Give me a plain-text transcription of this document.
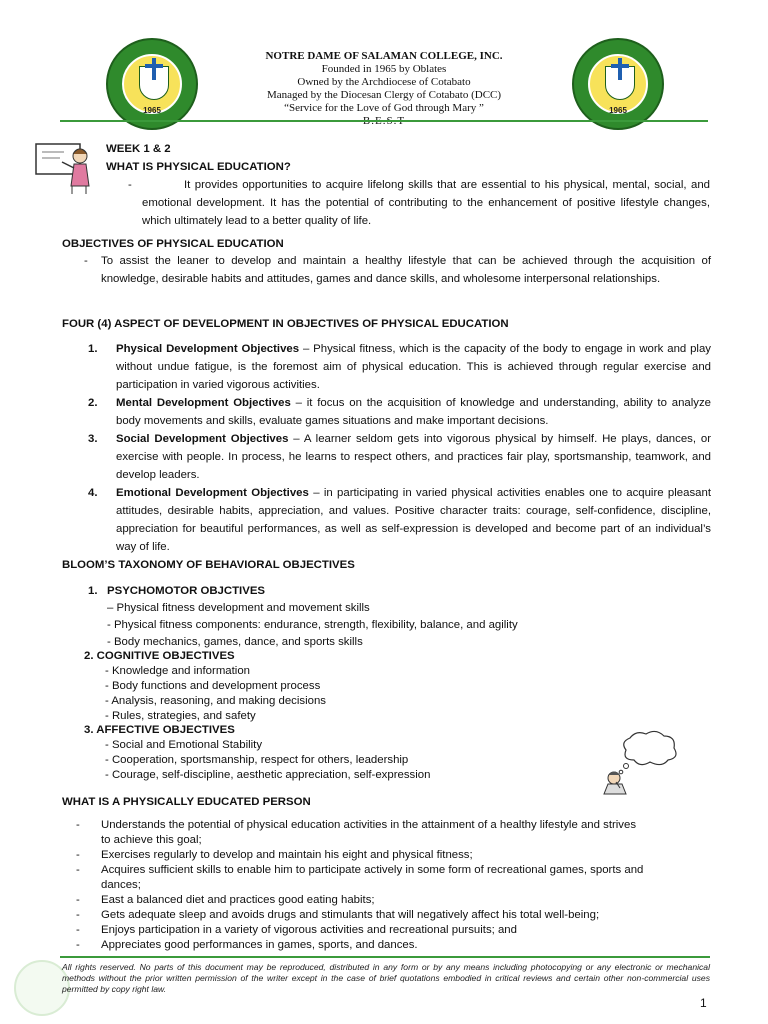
1965	1965
NOTRE DAME OF SALAMAN COLLEGE, INC.
Founded in 1965 by Oblates
Owned by the Archdiocese of Cotabato
Managed by the Diocesan Clergy of Cotabato (DCC)
“Service for the Love of God through Mary ”
WEEK 1 & 2
WHAT IS PHYSICAL EDUCATION?
-	It provides opportunities to acquire lifelong skills that are essential to his physical, mental, social, and emotional development. It has the potential of contributing to the enhancement of positive lifestyle changes, which ultimately lead to a better quality of life.
OBJECTIVES OF PHYSICAL EDUCATION
- To assist the leaner to develop and maintain a healthy lifestyle that can be achieved through the acquisition of knowledge, desirable habits and attitudes, games and dance skills, and wholesome interpersonal relationships.
FOUR (4) ASPECT OF DEVELOPMENT IN OBJECTIVES OF PHYSICAL EDUCATION
1.	Physical Development Objectives – Physical fitness, which is the capacity of the body to engage in work and play without undue fatigue, is the foremost aim of physical education. This is achieved through regular exercise and participation in varied vigorous activities.
2.	Mental Development Objectives – it focus on the acquisition of knowledge and understanding, ability to analyze body movements and skills, evaluate games situations and make important decisions.
3.	Social Development Objectives – A learner seldom gets into vigorous physical by himself. He plays, dances, or exercise with people. In process, he learns to respect others, and practices fair play, sportsmanship, teamwork, and develop leaders.
4.	Emotional Development Objectives – in participating in varied physical activities enables one to acquire pleasant attitudes, desirable habits, appreciation, and values. Positive character traits: courage, self-confidence, discipline, appreciation for beautiful performances, as well as self-expression is developed and become part of an individual’s way of life.
BLOOM’S TAXONOMY OF BEHAVIORAL OBJECTIVES
1. PSYCHOMOTOR OBJCTIVES
– Physical fitness development and movement skills
- Physical fitness components: endurance, strength, flexibility, balance, and agility
- Body mechanics, games, dance, and sports skills
2. COGNITIVE OBJECTIVES
- Knowledge and information
- Body functions and development process
- Analysis, reasoning, and making decisions
- Rules, strategies, and safety
3. AFFECTIVE OBJECTIVES
- Social and Emotional Stability
- Cooperation, sportsmanship, respect for others, leadership
- Courage, self-discipline, aesthetic appreciation, self-expression
WHAT IS A PHYSICALLY EDUCATED PERSON
-	Understands the potential of physical education activities in the attainment of a healthy lifestyle and strives
to achieve this goal;
-	Exercises regularly to develop and maintain his eight and physical fitness;
-	Acquires sufficient skills to enable him to participate actively in some form of recreational games, sports and
dances;
-	East a balanced diet and practices good eating habits;
-	Gets adequate sleep and avoids drugs and stimulants that will negatively affect his total well-being;
-	Enjoys participation in a variety of vigorous activities and recreational pursuits; and
-	Appreciates good performances in games, sports, and dances.
All rights reserved. No parts of this document may be reproduced, distributed in any form or by any means including photocopying or any electronic or mechanical methods without the prior written permission of the writer except in the case of brief quotations embodied in critical reviews and certain other non-commercial uses permitted by copy right law.
1
